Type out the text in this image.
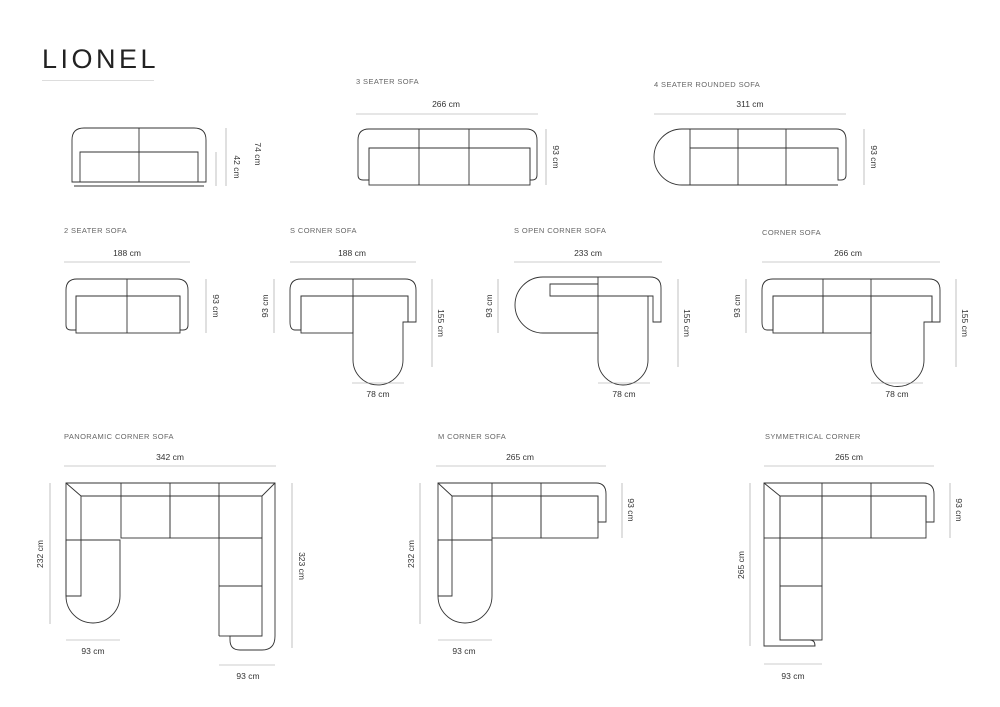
LIONEL
3 SEATER SOFA
266 cm
93 cm
4 SEATER ROUNDED SOFA
311 cm
93 cm
74 cm
42 cm
2 SEATER SOFA
188 cm
93 cm
S CORNER SOFA
188 cm
93 cm
155 cm
78 cm
S OPEN CORNER SOFA
233 cm
93 cm
155 cm
78 cm
CORNER SOFA
266 cm
93 cm
155 cm
78 cm
PANORAMIC CORNER SOFA
342 cm
232 cm	323 cm
93 cm
93 cm
M CORNER SOFA
265 cm
232 cm
93 cm
93 cm
SYMMETRICAL CORNER
265 cm
265 cm
93 cm
93 cm
